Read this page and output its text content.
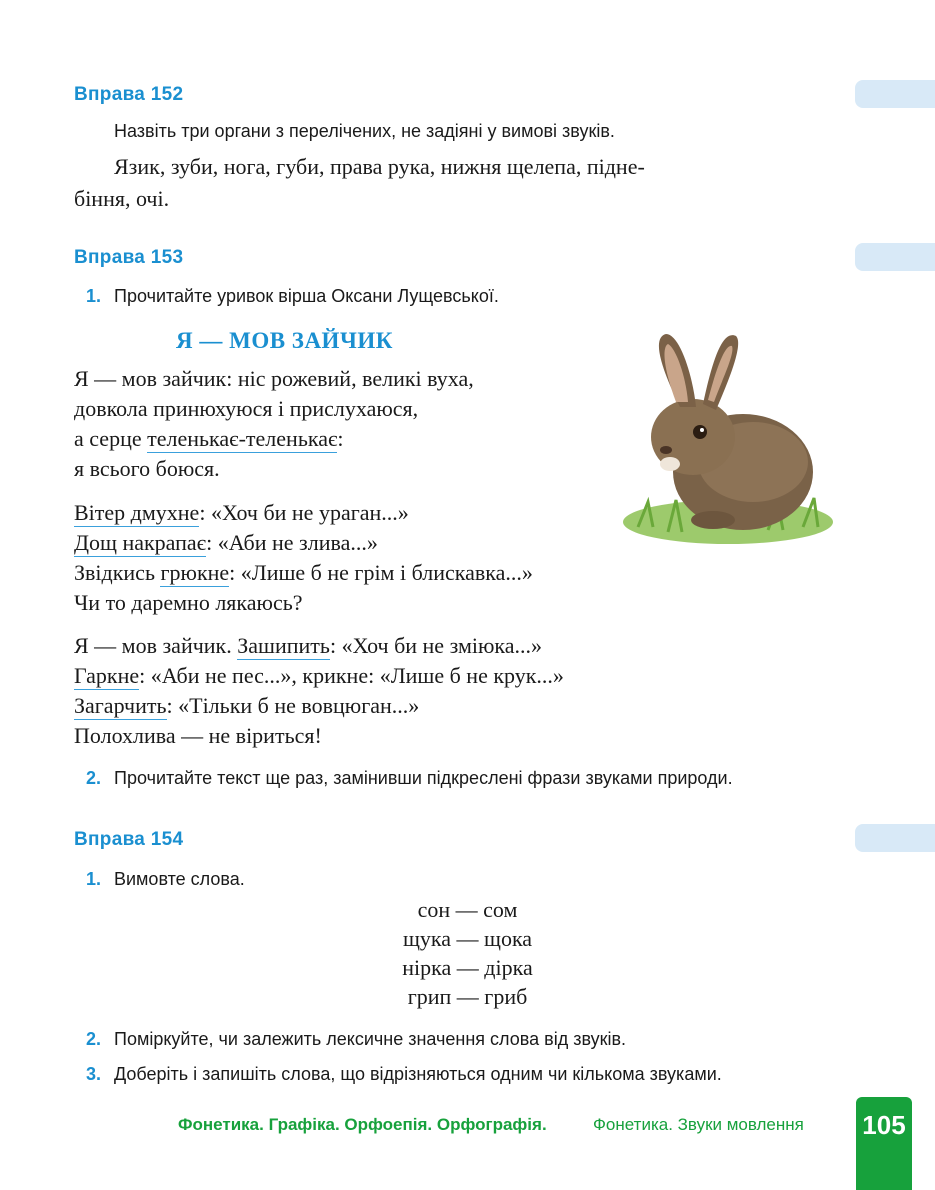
Вправа 152
Назвіть три органи з перелічених, не задіяні у вимові звуків.
Язик, зуби, нога, губи, права рука, нижня щелепа, підне-
біння, очі.
Вправа 153
1. Прочитайте уривок вірша Оксани Лущевської.
Я — МОВ ЗАЙЧИК
Я — мов зайчик: ніс рожевий, великі вуха,
довкола принюхуюся і прислухаюся,
а серце теленькає-теленькає:
я всього боюся.
Вітер дмухне: «Хоч би не ураган...»
Дощ накрапає: «Аби не злива...»
Звідкись грюкне: «Лише б не грім і блискавка...»
Чи то даремно лякаюсь?
Я — мов зайчик. Зашипить: «Хоч би не змiюка...»
Гаркне: «Аби не пес...», крикне: «Лише б не крук...»
Загарчить: «Тільки б не вовцюган...»
Полохлива — не віриться!
2. Прочитайте текст ще раз, замінивши підкреслені фрази звуками природи.
Вправа 154
1. Вимовте слова.
сон — сом
щука — щока
нірка — дірка
грип — гриб
2. Поміркуйте, чи залежить лексичне значення слова від звуків.
3. Доберіть і запишіть слова, що відрізняються одним чи кількома звуками.
Фонетика. Графіка. Орфоепія. Орфографія.	Фонетика. Звуки мовлення 105
